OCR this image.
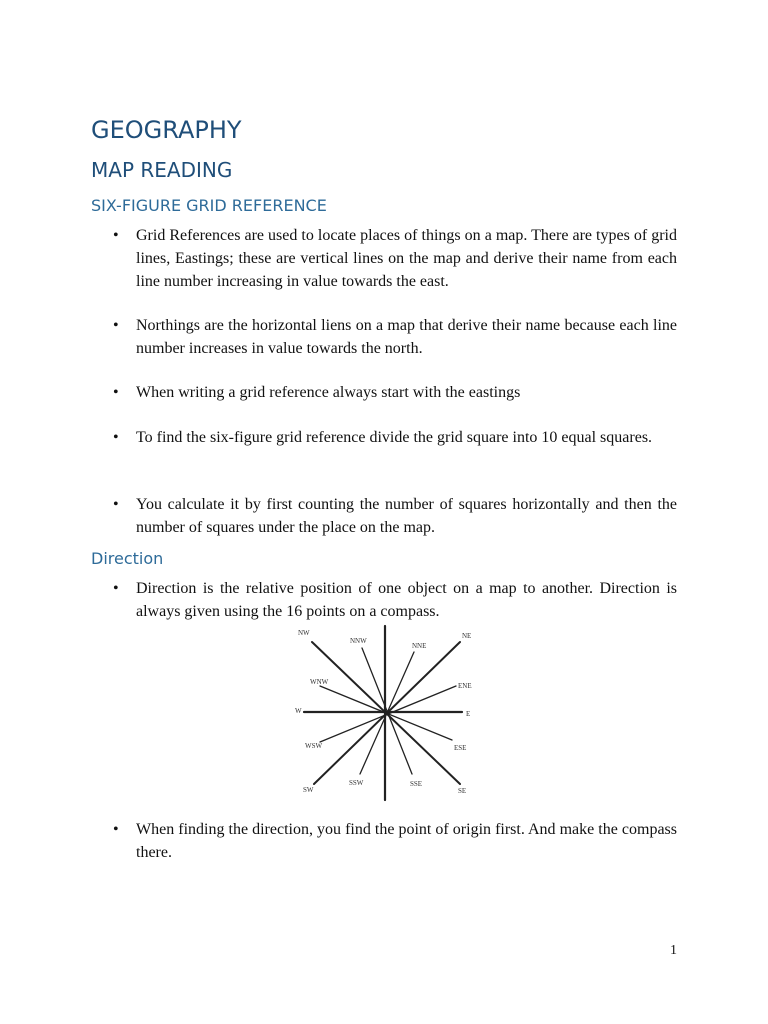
GEOGRAPHY
MAP READING
SIX-FIGURE GRID REFERENCE
• Grid References are used to locate places of things on a map. There are types of grid lines, Eastings; these are vertical lines on the map and derive their name from each line number increasing in value towards the east.
• Northings are the horizontal liens on a map that derive their name because each line number increases in value towards the north.
• When writing a grid reference always start with the eastings
• To find the six-figure grid reference divide the grid square into 10 equal squares.
• You calculate it by first counting the number of squares horizontally and then the number of squares under the place on the map.
Direction
• Direction is the relative position of one object on a map to another. Direction is always given using the 16 points on a compass.
• When finding the direction, you find the point of origin first. And make the compass there.
NW
NNW
NNE
NE
WNW	ENE
W	E
WSW	ESE
SW
SSW	SSE
SE
1
